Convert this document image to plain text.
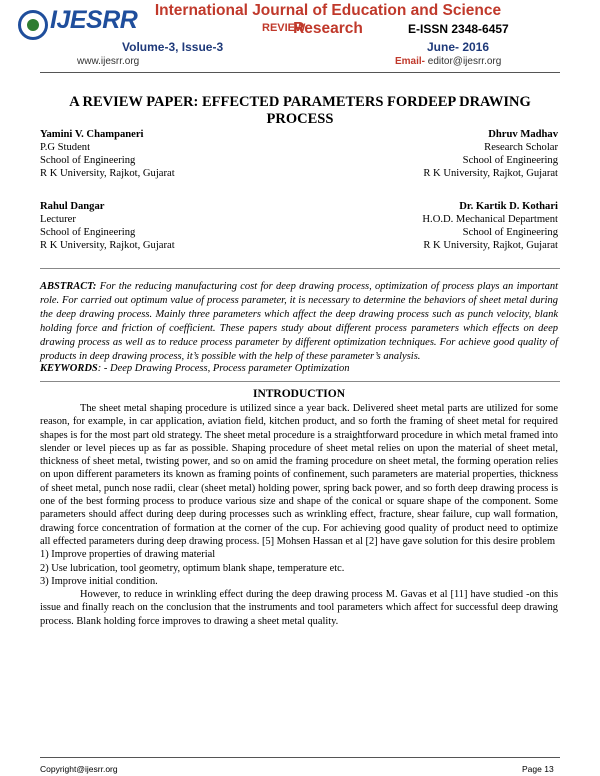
IJESRR	International Journal of Education and Science Research
REVIEW	E-ISSN 2348-6457
Volume-3, Issue-3	June- 2016
www.ijesrr.org	Email- editor@ijesrr.org
A REVIEW PAPER: EFFECTED PARAMETERS FORDEEP DRAWING PROCESS
Yamini V. Champaneri
P.G Student
School of Engineering
R K University, Rajkot, Gujarat
Dhruv Madhav
Research Scholar
School of Engineering
R K University, Rajkot, Gujarat
Rahul Dangar
Lecturer
School of Engineering
R K University, Rajkot, Gujarat
Dr. Kartik D. Kothari
H.O.D. Mechanical Department
School of Engineering
R K University, Rajkot, Gujarat
ABSTRACT: For the reducing manufacturing cost for deep drawing process, optimization of process plays an important role. For carried out optimum value of process parameter, it is necessary to determine the behaviors of sheet metal during the deep drawing process. Mainly three parameters which affect the deep drawing process such as punch velocity, blank holding force and friction of coefficient. These papers study about different process parameters which effects on deep drawing process as well as to reduce process parameter by different optimization techniques. For achieve good quality of products in deep drawing process, it’s possible with the help of these parameter’s analysis.
KEYWORDS: - Deep Drawing Process, Process parameter Optimization
INTRODUCTION

The sheet metal shaping procedure is utilized since a year back. Delivered sheet metal parts are utilized for some reason, for example, in car application, aviation field, kitchen product, and so forth the framing of sheet metal for required shapes is for the most part old strategy. The sheet metal procedure is a straightforward procedure in which metal framed into slender or level pieces up as far as possible. Shaping procedure of sheet metal relies on upon the material of sheet metal, thickness of sheet metal, twisting power, and so on amid the framing procedure on sheet metal, the forming operation relies on upon different parameters its known as framing points of confinement, such parameters are material properties, thickness of sheet metal, punch nose radii, clear (sheet metal) holding power, spring back power, and so forth deep drawing process is one of the best forming process to produce various size and shape of the conical or square shape of the component. Some parameters should affect during deep during processes such as wrinkling effect, fracture, shear failure, cup wall formation, drawing force concentration of formation at the corner of the cup. For achieving good quality of product need to optimize all effected parameters during deep drawing process. [5] Mohsen Hassan et al [2] have gave solution for this desire problem

1) Improve properties of drawing material

2) Use lubrication, tool geometry, optimum blank shape, temperature etc.

3) Improve initial condition.

However, to reduce in wrinkling effect during the deep drawing process M. Gavas et al [11] have studied -on this issue and finally reach on the conclusion that the instruments and tool parameters which affect for successful deep drawing process. Blank holding force improves to drawing a sheet metal quality.

Copyright@ijesrr.org	Page 13
